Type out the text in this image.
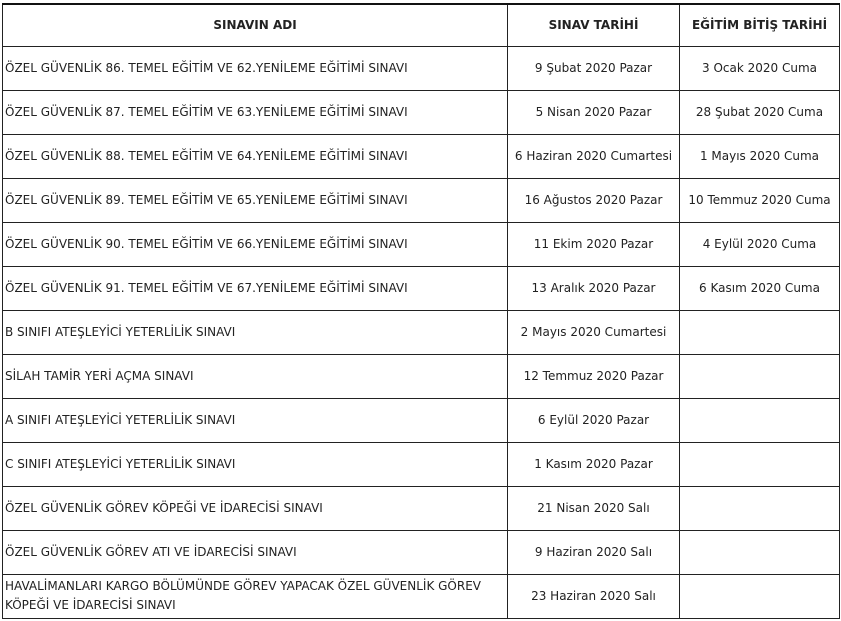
SINAVIN ADI	SINAV TARİHİ	EĞİTİM BİTİŞ TARİHİ
ÖZEL GÜVENLİK 86. TEMEL EĞİTİM VE 62.YENİLEME EĞİTİMİ SINAVI	9 Şubat 2020 Pazar	3 Ocak 2020 Cuma
ÖZEL GÜVENLİK 87. TEMEL EĞİTİM VE 63.YENİLEME EĞİTİMİ SINAVI	5 Nisan 2020 Pazar	28 Şubat 2020 Cuma
ÖZEL GÜVENLİK 88. TEMEL EĞİTİM VE 64.YENİLEME EĞİTİMİ SINAVI	6 Haziran 2020 Cumartesi	1 Mayıs 2020 Cuma
ÖZEL GÜVENLİK 89. TEMEL EĞİTİM VE 65.YENİLEME EĞİTİMİ SINAVI	16 Ağustos 2020 Pazar	10 Temmuz 2020 Cuma
ÖZEL GÜVENLİK 90. TEMEL EĞİTİM VE 66.YENİLEME EĞİTİMİ SINAVI	11 Ekim 2020 Pazar	4 Eylül 2020 Cuma
ÖZEL GÜVENLİK 91. TEMEL EĞİTİM VE 67.YENİLEME EĞİTİMİ SINAVI	13 Aralık 2020 Pazar	6 Kasım 2020 Cuma
B SINIFI ATEŞLEYİCİ YETERLİLİK SINAVI	2 Mayıs 2020 Cumartesi	
SİLAH TAMİR YERİ AÇMA SINAVI	12 Temmuz 2020 Pazar	
A SINIFI ATEŞLEYİCİ YETERLİLİK SINAVI	6 Eylül 2020 Pazar	
C SINIFI ATEŞLEYİCİ YETERLİLİK SINAVI	1 Kasım 2020 Pazar	
ÖZEL GÜVENLİK GÖREV KÖPEĞİ VE İDARECİSİ SINAVI	21 Nisan 2020 Salı	
ÖZEL GÜVENLİK GÖREV ATI VE İDARECİSİ SINAVI	9 Haziran 2020 Salı	
HAVALİMANLARI KARGO BÖLÜMÜNDE GÖREV YAPACAK ÖZEL GÜVENLİK GÖREV KÖPEĞİ VE İDARECİSİ SINAVI	23 Haziran 2020 Salı	
